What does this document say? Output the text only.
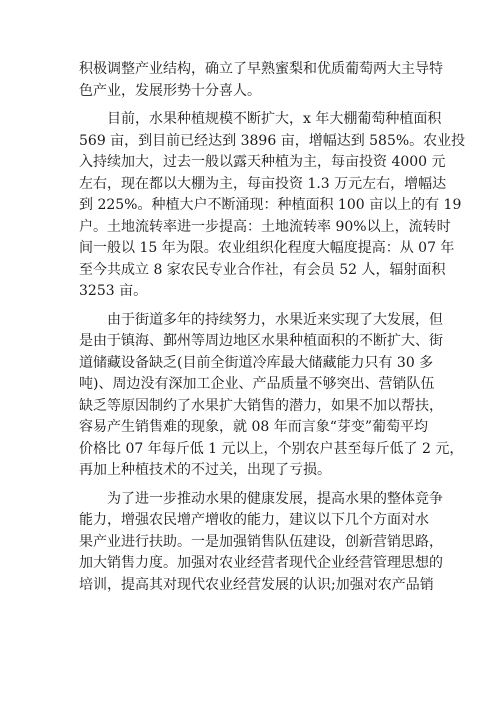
积极调整产业结构，确立了早熟蜜梨和优质葡萄两大主导特
色产业，发展形势十分喜人。
　　目前，水果种植规模不断扩大，x 年大棚葡萄种植面积
569 亩，到目前已经达到 3896 亩，增幅达到 585%。农业投
入持续加大，过去一般以露天种植为主，每亩投资 4000 元
左右，现在都以大棚为主，每亩投资 1.3 万元左右，增幅达
到 225%。种植大户不断涌现：种植面积 100 亩以上的有 19
户。土地流转率进一步提高：土地流转率 90%以上，流转时
间一般以 15 年为限。农业组织化程度大幅度提高：从 07 年
至今共成立 8 家农民专业合作社，有会员 52 人，辐射面积
3253 亩。
　　由于街道多年的持续努力，水果近来实现了大发展，但
是由于镇海、鄞州等周边地区水果种植面积的不断扩大、街
道储藏设备缺乏(目前全街道冷库最大储藏能力只有 30 多
吨)、周边没有深加工企业、产品质量不够突出、营销队伍
缺乏等原因制约了水果扩大销售的潜力，如果不加以帮扶，
容易产生销售难的现象，就 08 年而言象“芽变”葡萄平均
价格比 07 年每斤低 1 元以上，个别农户甚至每斤低了 2 元，
再加上种植技术的不过关，出现了亏损。
　　为了进一步推动水果的健康发展，提高水果的整体竞争
能力，增强农民增产增收的能力，建议以下几个方面对水
果产业进行扶助。一是加强销售队伍建设，创新营销思路，
加大销售力度。加强对农业经营者现代企业经营管理思想的
培训，提高其对现代农业经营发展的认识;加强对农产品销
